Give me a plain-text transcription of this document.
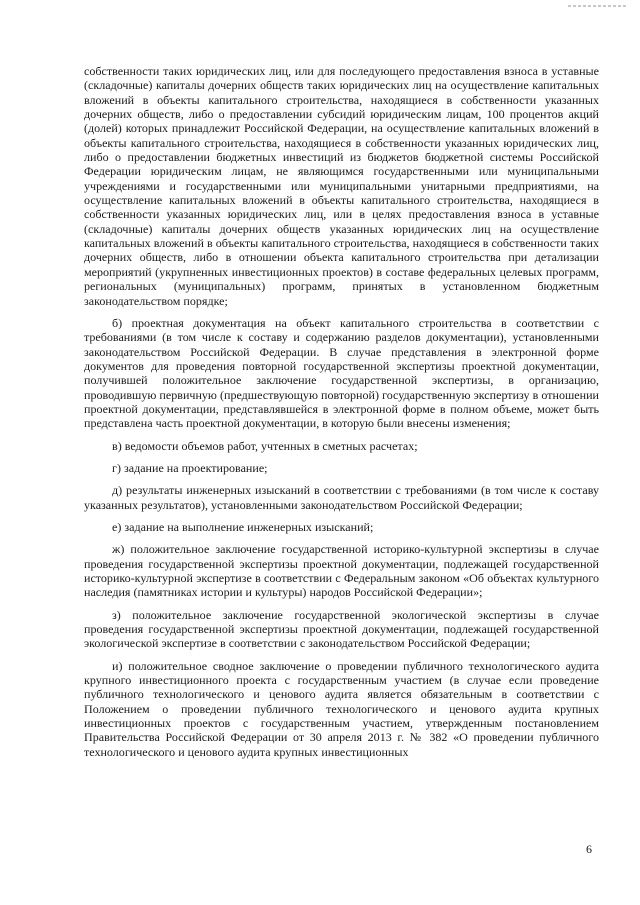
собственности таких юридических лиц, или для последующего предоставления взноса в уставные (складочные) капиталы дочерних обществ таких юридических лиц на осуществление капитальных вложений в объекты капитального строительства, находящиеся в собственности указанных дочерних обществ, либо о предоставлении субсидий юридическим лицам, 100 процентов акций (долей) которых принадлежит Российской Федерации, на осуществление капитальных вложений в объекты капитального строительства, находящиеся в собственности указанных юридических лиц, либо о предоставлении бюджетных инвестиций из бюджетов бюджетной системы Российской Федерации юридическим лицам, не являющимся государственными или муниципальными учреждениями и государственными или муниципальными унитарными предприятиями, на осуществление капитальных вложений в объекты капитального строительства, находящиеся в собственности указанных юридических лиц, или в целях предоставления взноса в уставные (складочные) капиталы дочерних обществ указанных юридических лиц на осуществление капитальных вложений в объекты капитального строительства, находящиеся в собственности таких дочерних обществ, либо в отношении объекта капитального строительства при детализации мероприятий (укрупненных инвестиционных проектов) в составе федеральных целевых программ, региональных (муниципальных) программ, принятых в установленном бюджетным законодательством порядке;

б) проектная документация на объект капитального строительства в соответствии с требованиями (в том числе к составу и содержанию разделов документации), установленными законодательством Российской Федерации. В случае представления в электронной форме документов для проведения повторной государственной экспертизы проектной документации, получившей положительное заключение государственной экспертизы, в организацию, проводившую первичную (предшествующую повторной) государственную экспертизу в отношении проектной документации, представлявшейся в электронной форме в полном объеме, может быть представлена часть проектной документации, в которую были внесены изменения;

в) ведомости объемов работ, учтенных в сметных расчетах;

г) задание на проектирование;

д) результаты инженерных изысканий в соответствии с требованиями (в том числе к составу указанных результатов), установленными законодательством Российской Федерации;

е) задание на выполнение инженерных изысканий;

ж) положительное заключение государственной историко-культурной экспертизы в случае проведения государственной экспертизы проектной документации, подлежащей государственной историко-культурной экспертизе в соответствии с Федеральным законом «Об объектах культурного наследия (памятниках истории и культуры) народов Российской Федерации»;

з) положительное заключение государственной экологической экспертизы в случае проведения государственной экспертизы проектной документации, подлежащей государственной экологической экспертизе в соответствии с законодательством Российской Федерации;

и) положительное сводное заключение о проведении публичного технологического аудита крупного инвестиционного проекта с государственным участием (в случае если проведение публичного технологического и ценового аудита является обязательным в соответствии с Положением о проведении публичного технологического и ценового аудита крупных инвестиционных проектов с государственным участием, утвержденным постановлением Правительства Российской Федерации от 30 апреля 2013 г. № 382 «О проведении публичного технологического и ценового аудита крупных инвестиционных

6
